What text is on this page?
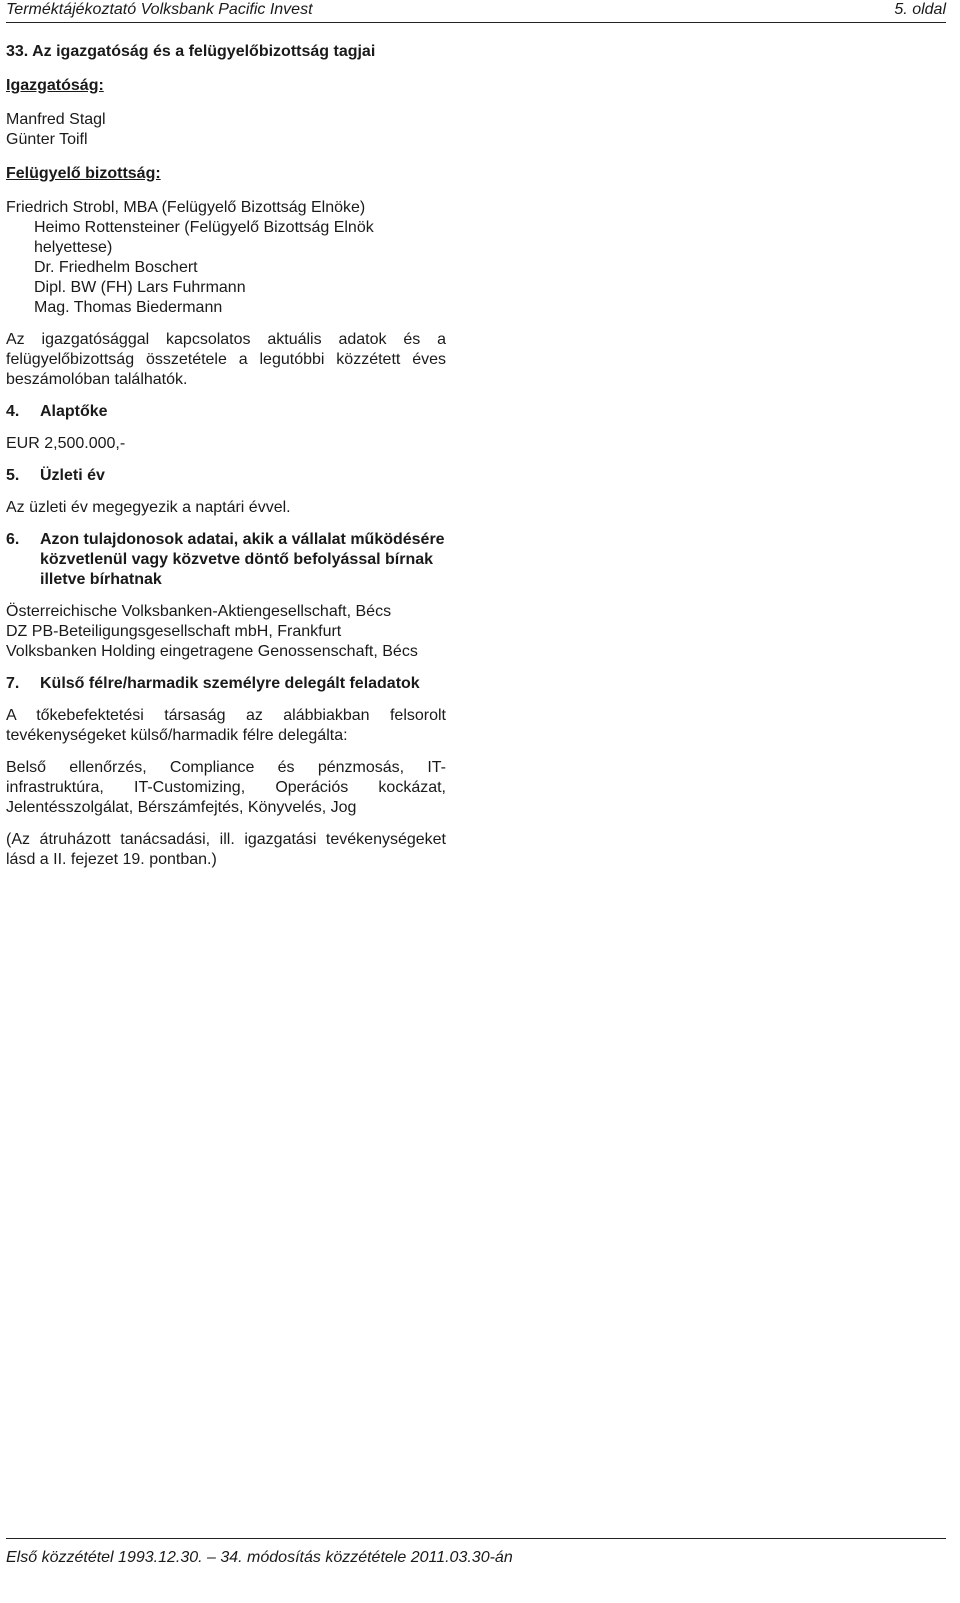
Terméktájékoztató Volksbank Pacific Invest	5. oldal

33. Az igazgatóság és a felügyelőbizottság tagjai

Igazgatóság:

Manfred Stagl

Günter Toifl

Felügyelő bizottság:

Friedrich Strobl, MBA (Felügyelő Bizottság Elnöke)

Heimo Rottensteiner (Felügyelő Bizottság Elnök helyettese)

Dr. Friedhelm Boschert

Dipl. BW (FH) Lars Fuhrmann

Mag. Thomas Biedermann

Az igazgatósággal kapcsolatos aktuális adatok és a felügyelőbizottság összetétele a legutóbbi közzétett éves beszámolóban találhatók.

4.	Alaptőke

EUR 2,500.000,-

5.	Üzleti év

Az üzleti év megegyezik a naptári évvel.

6.	Azon tulajdonosok adatai, akik a vállalat működésére közvetlenül vagy közvetve döntő befolyással bírnak illetve bírhatnak

Österreichische Volksbanken-Aktiengesellschaft, Bécs

DZ PB-Beteiligungsgesellschaft mbH, Frankfurt

Volksbanken Holding eingetragene Genossenschaft, Bécs

7.	Külső félre/harmadik személyre delegált feladatok

A tőkebefektetési társaság az alábbiakban felsorolt tevékenységeket külső/harmadik félre delegálta:

Belső ellenőrzés, Compliance és pénzmosás, IT-infrastruktúra, IT-Customizing, Operációs kockázat, Jelentésszolgálat, Bérszámfejtés, Könyvelés, Jog

(Az átruházott tanácsadási, ill. igazgatási tevékenységeket lásd a II. fejezet 19. pontban.)

Első közzététel 1993.12.30. – 34. módosítás közzététele 2011.03.30-án
